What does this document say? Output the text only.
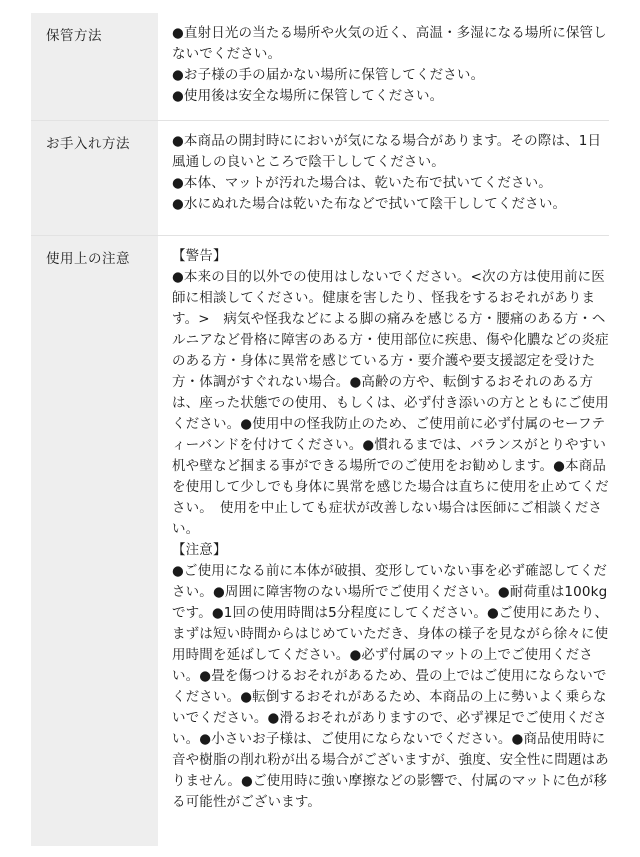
保管方法	●直射日光の当たる場所や火気の近く、高温・多湿になる場所に保管しないでください。

●お子様の手の届かない場所に保管してください。

●使用後は安全な場所に保管してください。

お手入れ方法	●本商品の開封時ににおいが気になる場合があります。その際は、1日風通しの良いところで陰干ししてください。

●本体、マットが汚れた場合は、乾いた布で拭いてください。

●水にぬれた場合は乾いた布などで拭いて陰干ししてください。

使用上の注意	【警告】

●本来の目的以外での使用はしないでください。<次の方は使用前に医師に相談してください。健康を害したり、怪我をするおそれがあります。>　病気や怪我などによる脚の痛みを感じる方・腰痛のある方・ヘルニアなど骨格に障害のある方・使用部位に疾患、傷や化膿などの炎症のある方・身体に異常を感じている方・要介護や要支援認定を受けた方・体調がすぐれない場合。●高齢の方や、転倒するおそれのある方は、座った状態での使用、もしくは、必ず付き添いの方とともにご使用ください。●使用中の怪我防止のため、ご使用前に必ず付属のセーフティーバンドを付けてください。●慣れるまでは、バランスがとりやすい机や壁など掴まる事ができる場所でのご使用をお勧めします。●本商品を使用して少しでも身体に異常を感じた場合は直ちに使用を止めてください。　使用を中止しても症状が改善しない場合は医師にご相談ください。

【注意】

●ご使用になる前に本体が破損、変形していない事を必ず確認してください。●周囲に障害物のない場所でご使用ください。●耐荷重は100kgです。●1回の使用時間は5分程度にしてください。●ご使用にあたり、まずは短い時間からはじめていただき、身体の様子を見ながら徐々に使用時間を延ばしてください。●必ず付属のマットの上でご使用ください。●畳を傷つけるおそれがあるため、畳の上ではご使用にならないでください。●転倒するおそれがあるため、本商品の上に勢いよく乗らないでください。●滑るおそれがありますので、必ず裸足でご使用ください。●小さいお子様は、ご使用にならないでください。●商品使用時に音や樹脂の削れ粉が出る場合がございますが、強度、安全性に問題はありません。●ご使用時に強い摩擦などの影響で、付属のマットに色が移る可能性がございます。
